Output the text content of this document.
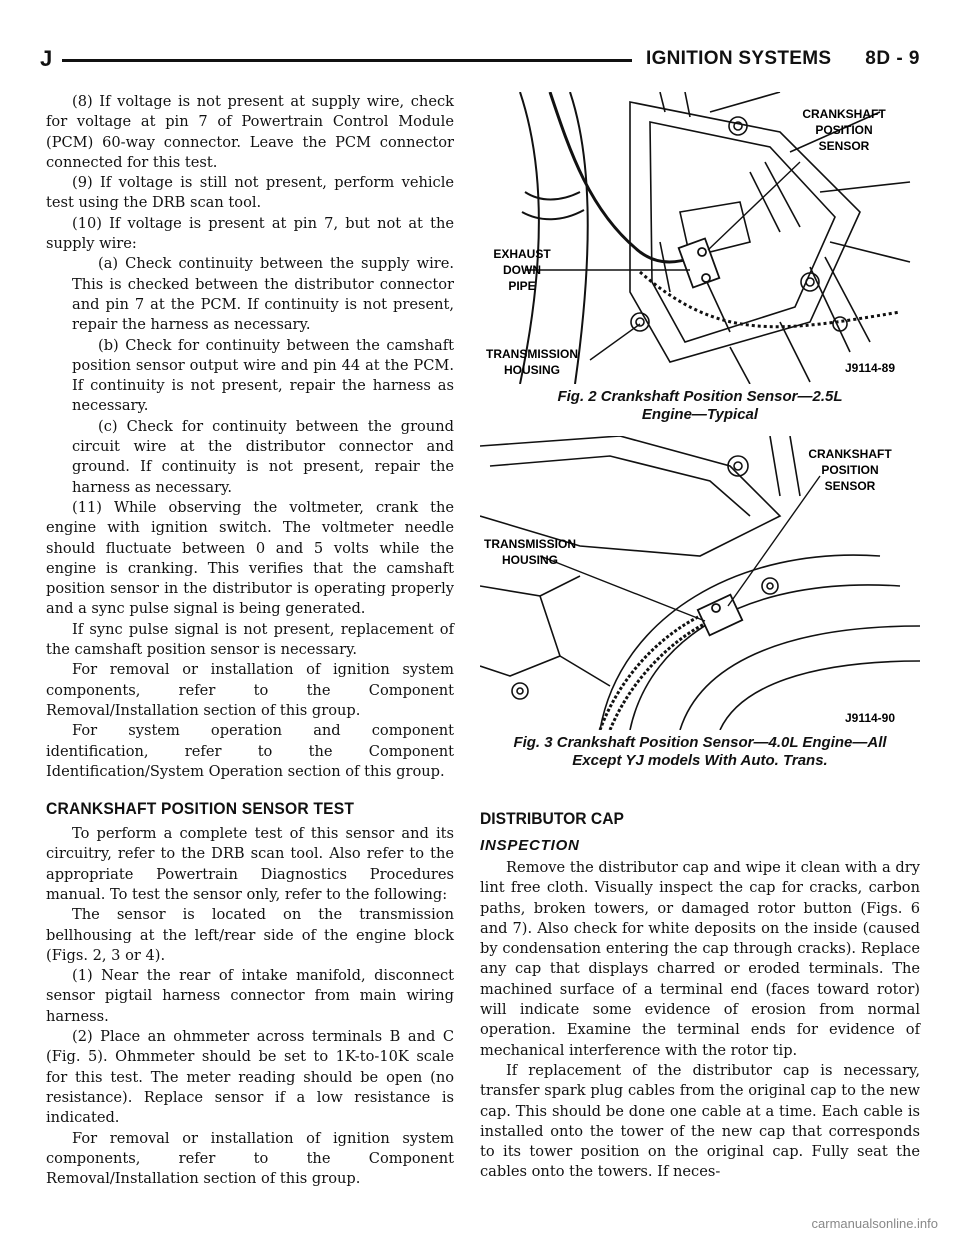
J	IGNITION SYSTEMS 8D - 9

(8) If voltage is not present at supply wire, check for voltage at pin 7 of Powertrain Control Module (PCM) 60-way connector. Leave the PCM connector connected for this test.

(9) If voltage is still not present, perform vehicle test using the DRB scan tool.

(10) If voltage is present at pin 7, but not at the supply wire:

(a) Check continuity between the supply wire. This is checked between the distributor connector and pin 7 at the PCM. If continuity is not present, repair the harness as necessary.

(b) Check for continuity between the camshaft position sensor output wire and pin 44 at the PCM. If continuity is not present, repair the harness as necessary.

(c) Check for continuity between the ground circuit wire at the distributor connector and ground. If continuity is not present, repair the harness as necessary.

(11) While observing the voltmeter, crank the engine with ignition switch. The voltmeter needle should fluctuate between 0 and 5 volts while the engine is cranking. This verifies that the camshaft position sensor in the distributor is operating properly and a sync pulse signal is being generated.

If sync pulse signal is not present, replacement of the camshaft position sensor is necessary.

For removal or installation of ignition system components, refer to the Component Removal/Installation section of this group.

For system operation and component identification, refer to the Component Identification/System Operation section of this group.

CRANKSHAFT POSITION SENSOR TEST

To perform a complete test of this sensor and its circuitry, refer to the DRB scan tool. Also refer to the appropriate Powertrain Diagnostics Procedures manual. To test the sensor only, refer to the following:

The sensor is located on the transmission bellhousing at the left/rear side of the engine block (Figs. 2, 3 or 4).

(1) Near the rear of intake manifold, disconnect sensor pigtail harness connector from main wiring harness.

(2) Place an ohmmeter across terminals B and C (Fig. 5). Ohmmeter should be set to 1K-to-10K scale for this test. The meter reading should be open (no resistance). Replace sensor if a low resistance is indicated.

For removal or installation of ignition system components, refer to the Component Removal/Installation section of this group.

CRANKSHAFT
POSITION
SENSOR
EXHAUST
DOWN
PIPE
TRANSMISSION
HOUSING	J9114-89
Fig. 2 Crankshaft Position Sensor—2.5L
Engine—Typical
CRANKSHAFT
POSITION
SENSOR
TRANSMISSION
HOUSING
J9114-90
Fig. 3 Crankshaft Position Sensor—4.0L Engine—All
Except YJ models With Auto. Trans.
DISTRIBUTOR CAP
INSPECTION

Remove the distributor cap and wipe it clean with a dry lint free cloth. Visually inspect the cap for cracks, carbon paths, broken towers, or damaged rotor button (Figs. 6 and 7). Also check for white deposits on the inside (caused by condensation entering the cap through cracks). Replace any cap that displays charred or eroded terminals. The machined surface of a terminal end (faces toward rotor) will indicate some evidence of erosion from normal operation. Examine the terminal ends for evidence of mechanical interference with the rotor tip.

If replacement of the distributor cap is necessary, transfer spark plug cables from the original cap to the new cap. This should be done one cable at a time. Each cable is installed onto the tower of the new cap that corresponds to its tower position on the original cap. Fully seat the cables onto the towers. If neces-

carmanualsonline.info
